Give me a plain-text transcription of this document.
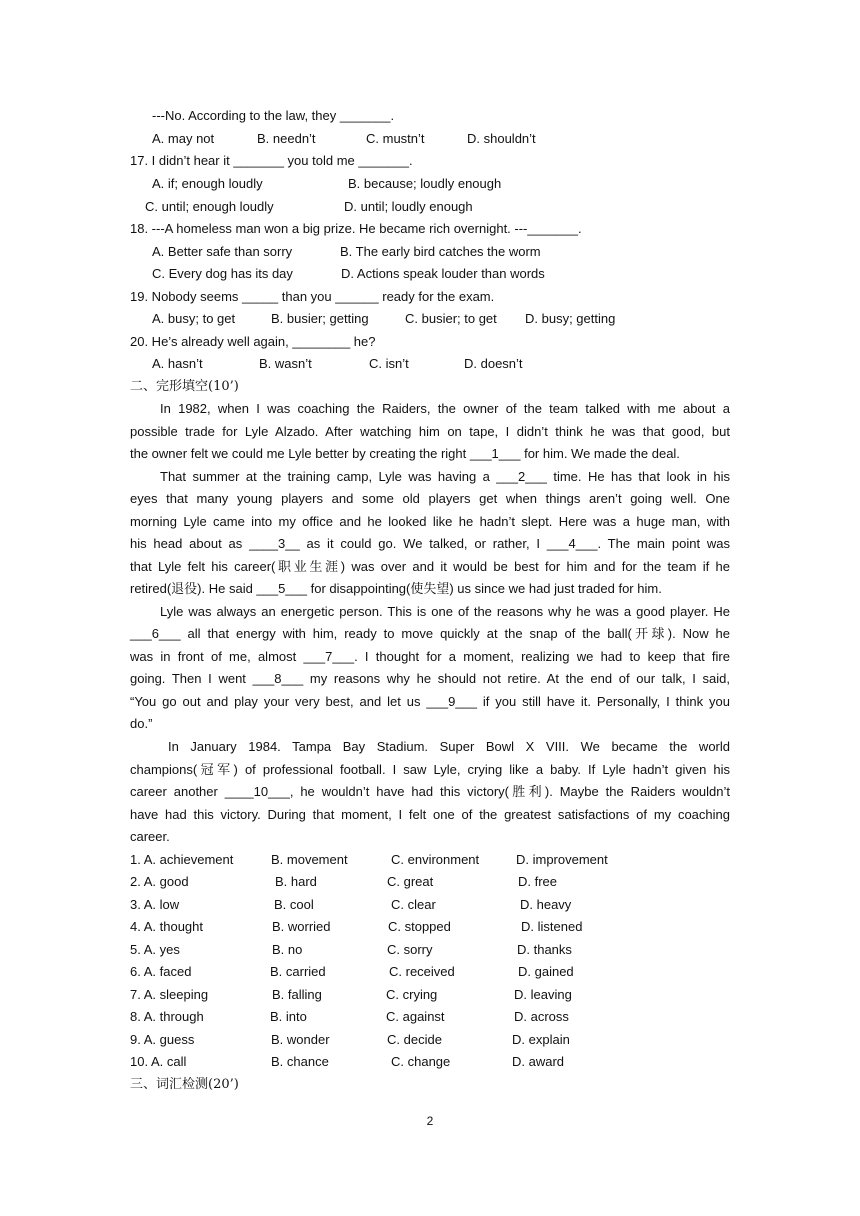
---No. According to the law, they _______.
A. may not	B. needn’t	C. mustn’t	D. shouldn’t
17. I didn’t hear it _______ you told me _______.
A. if; enough loudly	B. because; loudly enough
C. until; enough loudly	D. until; loudly enough
18. ---A homeless man won a big prize. He became rich overnight. ---_______.
A. Better safe than sorry	B. The early bird catches the worm
C. Every dog has its day	D. Actions speak louder than words
19. Nobody seems _____ than you ______ ready for the exam.
A. busy; to get	B. busier; getting	C. busier; to get D. busy; getting
20. He’s already well again, ________ he?
A. hasn’t	B. wasn’t	C. isn’t	D. doesn’t
二、完形填空(10’)
In 1982, when I was coaching the Raiders, the owner of the team talked with me about a
possible trade for Lyle Alzado. After watching him on tape, I didn’t think he was that good, but
the owner felt we could me Lyle better by creating the right ___1___ for him. We made the deal.
That summer at the training camp, Lyle was having a ___2___ time. He has that look in his
eyes that many young players and some old players get when things aren’t going well. One
morning Lyle came into my office and he looked like he hadn’t slept. Here was a huge man, with
his head about as ____3__ as it could go. We talked, or rather, I ___4___. The main point was
that Lyle felt his career(职业生涯) was over and it would be best for him and for the team if he
retired(退役). He said ___5___ for disappointing(使失望) us since we had just traded for him.
Lyle was always an energetic person. This is one of the reasons why he was a good player. He
___6___ all that energy with him, ready to move quickly at the snap of the ball(开球). Now he
was in front of me, almost ___7___. I thought for a moment, realizing we had to keep that fire
going. Then I went ___8___ my reasons why he should not retire. At the end of our talk, I said,
“You go out and play your very best, and let us ___9___ if you still have it. Personally, I think you
do.”
In January 1984. Tampa Bay Stadium. Super Bowl X VIII. We became the world
champions(冠军) of professional football. I saw Lyle, crying like a baby. If Lyle hadn’t given his
career another ____10___, he wouldn’t have had this victory(胜利). Maybe the Raiders wouldn’t
have had this victory. During that moment, I felt one of the greatest satisfactions of my coaching
career.
1. A. achievement	B. movement	C. environment	D. improvement
2. A. good	B. hard	C. great	D. free
3. A. low	B. cool	C. clear	D. heavy
4. A. thought	B. worried	C. stopped	D. listened
5. A. yes	B. no	C. sorry	D. thanks
6. A. faced	B. carried	C. received	D. gained
7. A. sleeping	B. falling	C. crying	D. leaving
8. A. through	B. into	C. against	D. across
9. A. guess	B. wonder	C. decide	D. explain
10. A. call	B. chance	C. change	D. award
三、词汇检测(20’)
2
